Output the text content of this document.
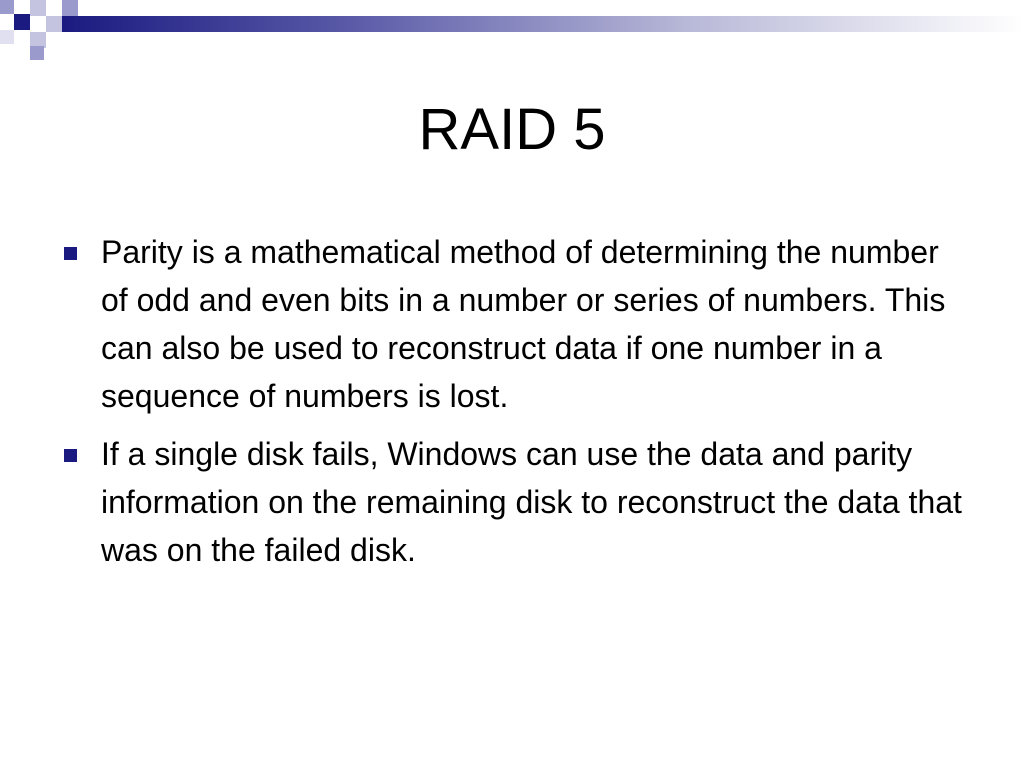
RAID 5
Parity is a mathematical method of determining the number of odd and even bits in a number or series of numbers. This can also be used to reconstruct data if one number in a sequence of numbers is lost.
If a single disk fails, Windows can use the data and parity information on the remaining disk to reconstruct the data that was on the failed disk.
